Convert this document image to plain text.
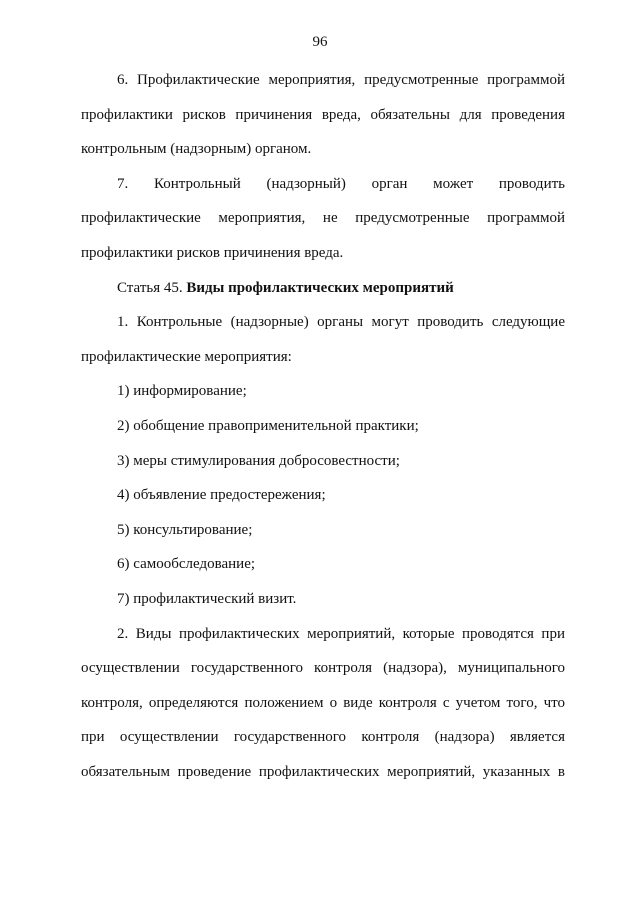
96
6. Профилактические мероприятия, предусмотренные программой
профилактики рисков причинения вреда, обязательны для проведения
контрольным (надзорным) органом.
7. Контрольный (надзорный) орган может проводить
профилактические мероприятия, не предусмотренные программой
профилактики рисков причинения вреда.
Статья 45. Виды профилактических мероприятий
1. Контрольные (надзорные) органы могут проводить следующие
профилактические мероприятия:
1) информирование;
2) обобщение правоприменительной практики;
3) меры стимулирования добросовестности;
4) объявление предостережения;
5) консультирование;
6) самообследование;
7) профилактический визит.
2. Виды профилактических мероприятий, которые проводятся при
осуществлении государственного контроля (надзора), муниципального
контроля, определяются положением о виде контроля с учетом того, что
при осуществлении государственного контроля (надзора) является
обязательным проведение профилактических мероприятий, указанных в
